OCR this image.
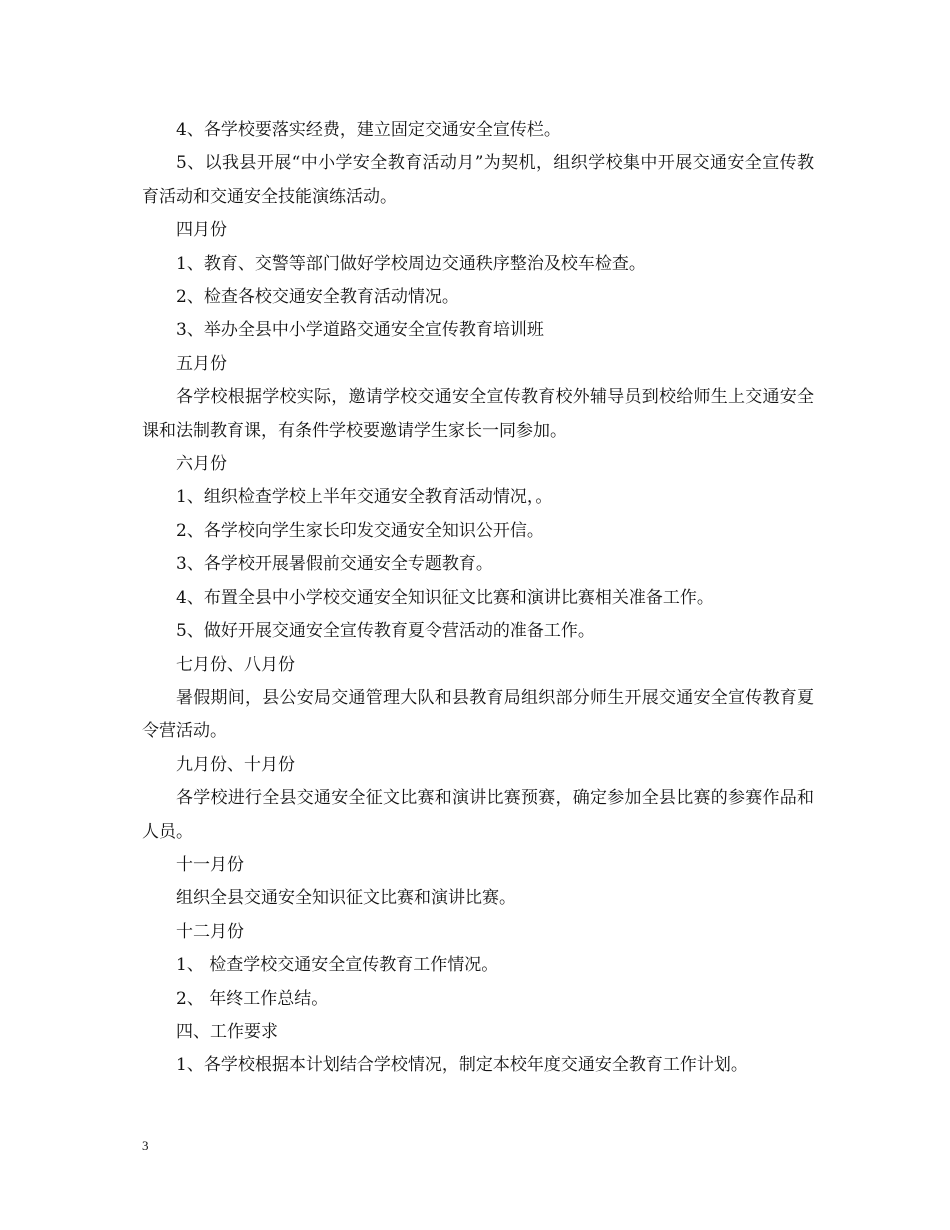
4、各学校要落实经费，建立固定交通安全宣传栏。

5、以我县开展“中小学安全教育活动月”为契机，组织学校集中开展交通安全宣传教育活动和交通安全技能演练活动。

四月份

1、教育、交警等部门做好学校周边交通秩序整治及校车检查。

2、检查各校交通安全教育活动情况。

3、举办全县中小学道路交通安全宣传教育培训班

五月份

各学校根据学校实际，邀请学校交通安全宣传教育校外辅导员到校给师生上交通安全课和法制教育课，有条件学校要邀请学生家长一同参加。

六月份

1、组织检查学校上半年交通安全教育活动情况，。

2、各学校向学生家长印发交通安全知识公开信。

3、各学校开展暑假前交通安全专题教育。

4、布置全县中小学校交通安全知识征文比赛和演讲比赛相关准备工作。

5、做好开展交通安全宣传教育夏令营活动的准备工作。

七月份、八月份

暑假期间，县公安局交通管理大队和县教育局组织部分师生开展交通安全宣传教育夏令营活动。

九月份、十月份

各学校进行全县交通安全征文比赛和演讲比赛预赛，确定参加全县比赛的参赛作品和人员。

十一月份

组织全县交通安全知识征文比赛和演讲比赛。

十二月份

1、 检查学校交通安全宣传教育工作情况。

2、 年终工作总结。

四、工作要求

1、各学校根据本计划结合学校情况，制定本校年度交通安全教育工作计划。

3
